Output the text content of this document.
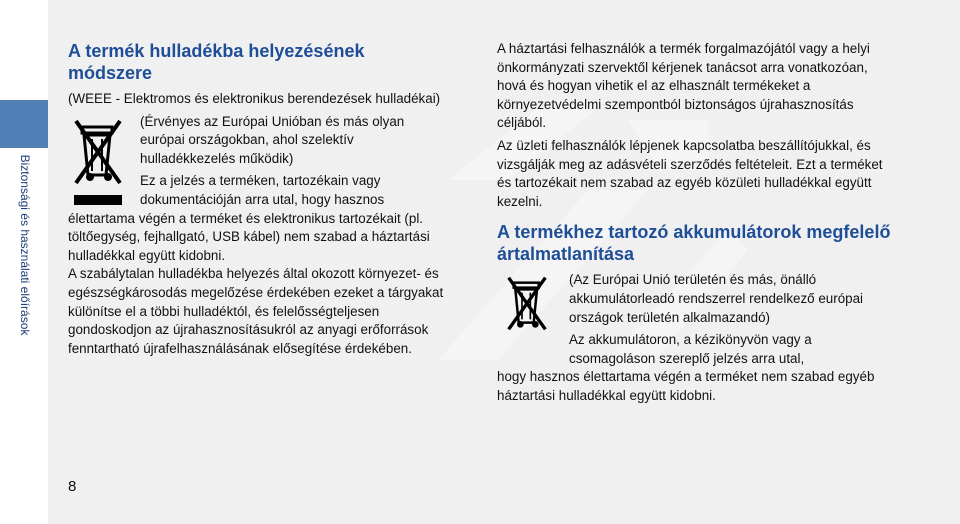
Biztonsági és használati előírások
A termék hulladékba helyezésének módszere

(WEEE - Elektromos és elektronikus berendezések hulladékai)

(Érvényes az Európai Unióban és más olyan európai országokban, ahol szelektív hulladékkezelés működik)

Ez a jelzés a terméken, tartozékain vagy dokumentációján arra utal, hogy hasznos

élettartama végén a terméket és elektronikus tartozékait (pl. töltőegység, fejhallgató, USB kábel) nem szabad a háztartási hulladékkal együtt kidobni.

A szabálytalan hulladékba helyezés által okozott környezet- és egészségkárosodás megelőzése érdekében ezeket a tárgyakat különítse el a többi hulladéktól, és felelősségteljesen gondoskodjon az újrahasznosításukról az anyagi erőforrások fenntartható újrafelhasználásának elősegítése érdekében.

A háztartási felhasználók a termék forgalmazójától vagy a helyi önkormányzati szervektől kérjenek tanácsot arra vonatkozóan, hová és hogyan vihetik el az elhasznált termékeket a környezetvédelmi szempontból biztonságos újrahasznosítás céljából.

Az üzleti felhasználók lépjenek kapcsolatba beszállítójukkal, és vizsgálják meg az adásvételi szerződés feltételeit. Ezt a terméket és tartozékait nem szabad az egyéb közületi hulladékkal együtt kezelni.

A termékhez tartozó akkumulátorok megfelelő ártalmatlanítása

(Az Európai Unió területén és más, önálló akkumulátorleadó rendszerrel rendelkező európai országok területén alkalmazandó)

Az akkumulátoron, a kézikönyvön vagy a csomagoláson szereplő jelzés arra utal,

hogy hasznos élettartama végén a terméket nem szabad egyéb háztartási hulladékkal együtt kidobni.

8
